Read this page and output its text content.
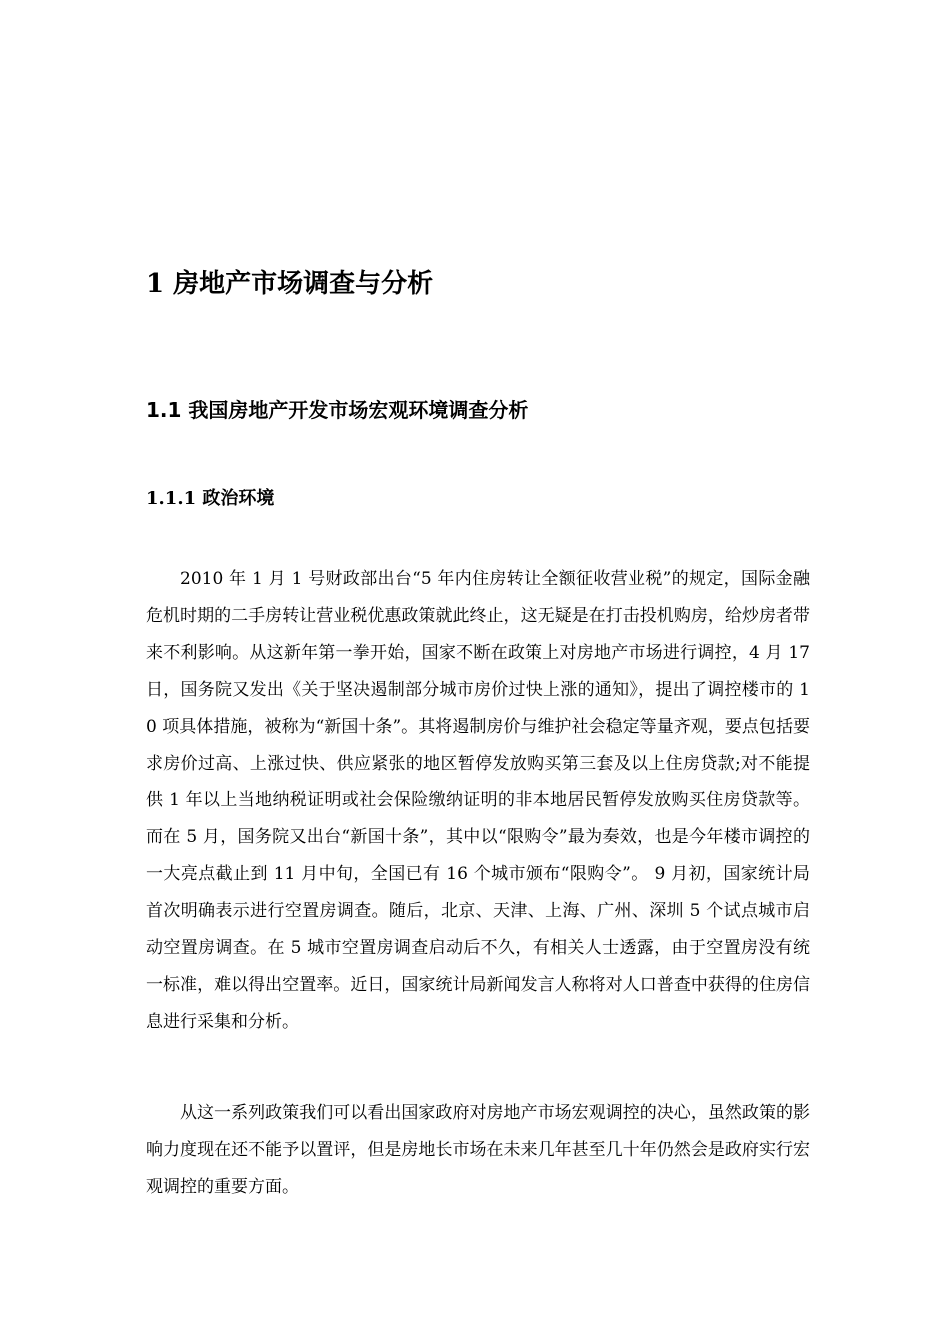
1 房地产市场调查与分析
1.1 我国房地产开发市场宏观环境调查分析
1.1.1 政治环境

2010 年 1 月 1 号财政部出台“5 年内住房转让全额征收营业税”的规定，国际金融危机时期的二手房转让营业税优惠政策就此终止，这无疑是在打击投机购房，给炒房者带来不利影响。从这新年第一拳开始，国家不断在政策上对房地产市场进行调控，4 月 17 日，国务院又发出《关于坚决遏制部分城市房价过快上涨的通知》，提出了调控楼市的 10 项具体措施，被称为“新国十条”。其将遏制房价与维护社会稳定等量齐观，要点包括要求房价过高、上涨过快、供应紧张的地区暂停发放购买第三套及以上住房贷款;对不能提供 1 年以上当地纳税证明或社会保险缴纳证明的非本地居民暂停发放购买住房贷款等。 而在 5 月，国务院又出台“新国十条”，其中以“限购令”最为奏效，也是今年楼市调控的一大亮点截止到 11 月中旬，全国已有 16 个城市颁布“限购令”。 9 月初，国家统计局首次明确表示进行空置房调查。随后，北京、天津、上海、广州、深圳 5 个试点城市启动空置房调查。在 5 城市空置房调查启动后不久，有相关人士透露，由于空置房没有统一标准，难以得出空置率。近日，国家统计局新闻发言人称将对人口普查中获得的住房信息进行采集和分析。

从这一系列政策我们可以看出国家政府对房地产市场宏观调控的决心，虽然政策的影响力度现在还不能予以置评，但是房地长市场在未来几年甚至几十年仍然会是政府实行宏观调控的重要方面。
